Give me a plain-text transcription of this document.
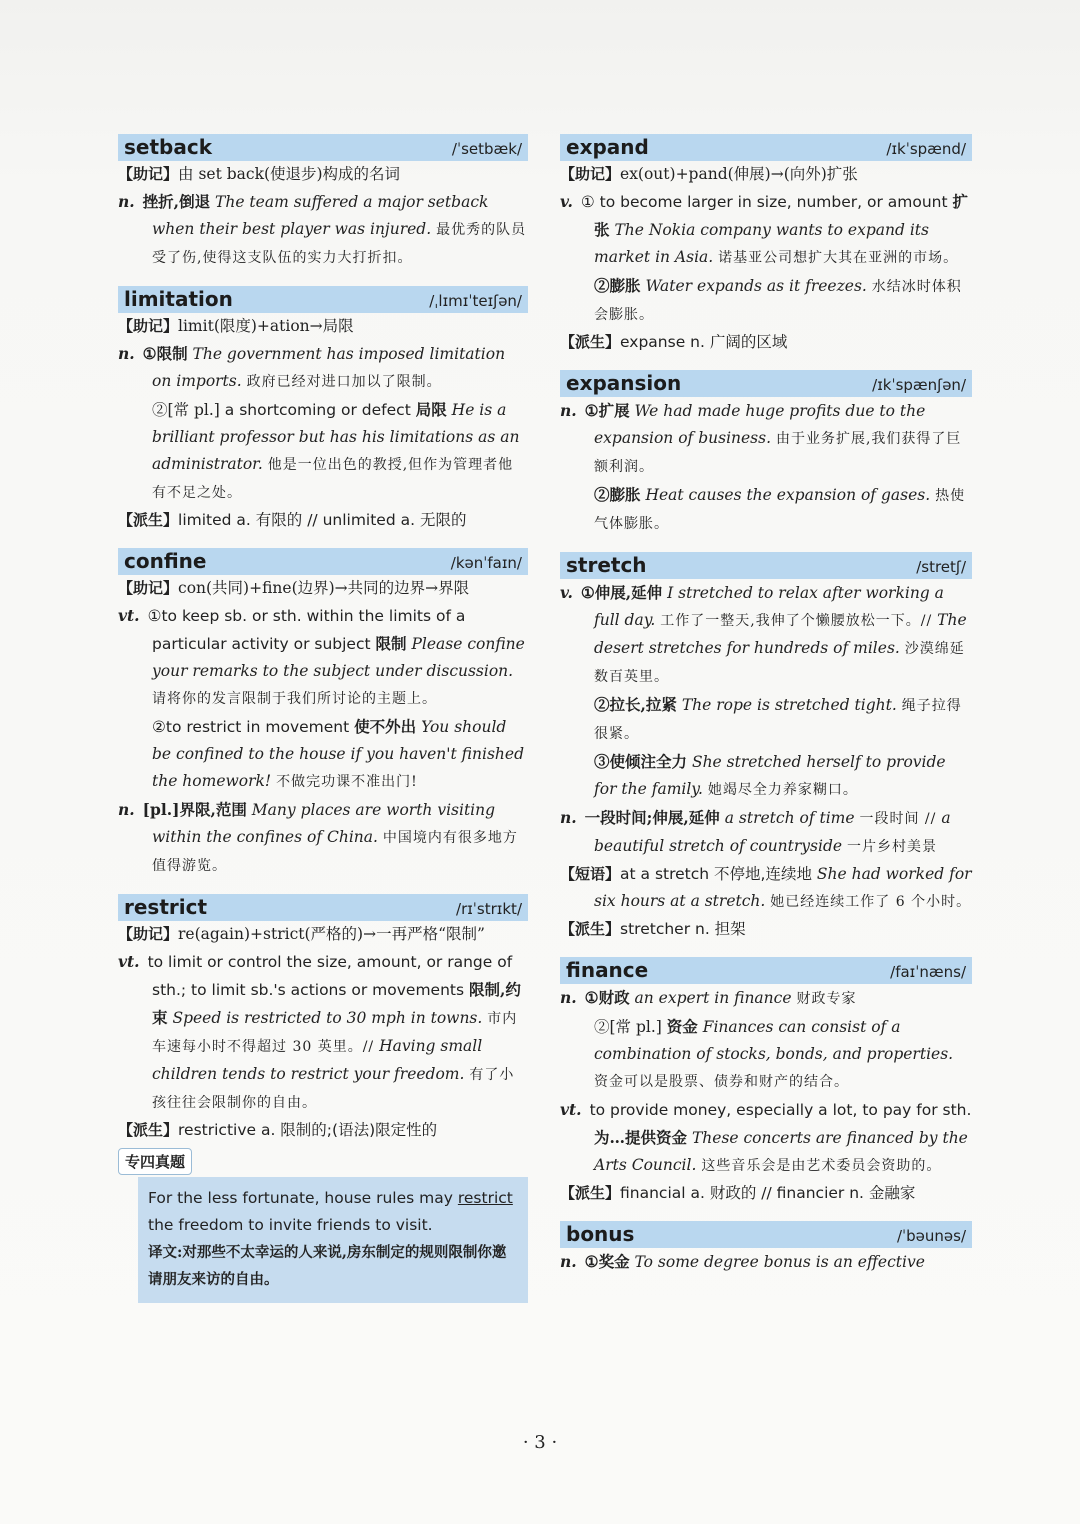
setback	/ˈsetbæk/

【助记】由 set back(使退步)构成的名词

n. 挫折,倒退 The team suffered a major setback when their best player was injured. 最优秀的队员受了伤,使得这支队伍的实力大打折扣。

limitation	/ˌlɪmɪˈteɪʃən/

【助记】limit(限度)+ation→局限

n. ①限制 The government has imposed limitation on imports. 政府已经对进口加以了限制。

②[常 pl.] a shortcoming or defect 局限 He is a brilliant professor but has his limitations as an administrator. 他是一位出色的教授,但作为管理者他有不足之处。

【派生】limited a. 有限的 // unlimited a. 无限的

confine	/kənˈfaɪn/

【助记】con(共同)+fine(边界)→共同的边界→界限

vt. ①to keep sb. or sth. within the limits of a particular activity or subject 限制 Please confine your remarks to the subject under discussion. 请将你的发言限制于我们所讨论的主题上。

②to restrict in movement 使不外出 You should be confined to the house if you haven't finished the homework! 不做完功课不准出门!

n. [pl.]界限,范围 Many places are worth visiting within the confines of China. 中国境内有很多地方值得游览。

restrict	/rɪˈstrɪkt/

【助记】re(again)+strict(严格的)→一再严格“限制”

vt. to limit or control the size, amount, or range of sth.; to limit sb.'s actions or movements 限制,约束 Speed is restricted to 30 mph in towns. 市内车速每小时不得超过 30 英里。// Having small children tends to restrict your freedom. 有了小孩往往会限制你的自由。

【派生】restrictive a. 限制的;(语法)限定性的

专四真题

For the less fortunate, house rules may restrict the freedom to invite friends to visit.

译文:对那些不太幸运的人来说,房东制定的规则限制你邀请朋友来访的自由。

expand	/ɪkˈspænd/

【助记】ex(out)+pand(伸展)→(向外)扩张

v. ① to become larger in size, number, or amount 扩张 The Nokia company wants to expand its market in Asia. 诺基亚公司想扩大其在亚洲的市场。

②膨胀 Water expands as it freezes. 水结冰时体积会膨胀。

【派生】expanse n. 广阔的区域

expansion	/ɪkˈspænʃən/

n. ①扩展 We had made huge profits due to the expansion of business. 由于业务扩展,我们获得了巨额利润。

②膨胀 Heat causes the expansion of gases. 热使气体膨胀。

stretch	/stretʃ/

v. ①伸展,延伸 I stretched to relax after working a full day. 工作了一整天,我伸了个懒腰放松一下。// The desert stretches for hundreds of miles. 沙漠绵延数百英里。

②拉长,拉紧 The rope is stretched tight. 绳子拉得很紧。

③使倾注全力 She stretched herself to provide for the family. 她竭尽全力养家糊口。

n. 一段时间;伸展,延伸 a stretch of time 一段时间 // a beautiful stretch of countryside 一片乡村美景

【短语】at a stretch 不停地,连续地 She had worked for six hours at a stretch. 她已经连续工作了 6 个小时。

【派生】stretcher n. 担架

finance	/faɪˈnæns/

n. ①财政 an expert in finance 财政专家

②[常 pl.] 资金 Finances can consist of a combination of stocks, bonds, and properties. 资金可以是股票、债券和财产的结合。

vt. to provide money, especially a lot, to pay for sth. 为…提供资金 These concerts are financed by the Arts Council. 这些音乐会是由艺术委员会资助的。

【派生】financial a. 财政的 // financier n. 金融家

bonus	/ˈbəunəs/

n. ①奖金 To some degree bonus is an effective

· 3 ·
